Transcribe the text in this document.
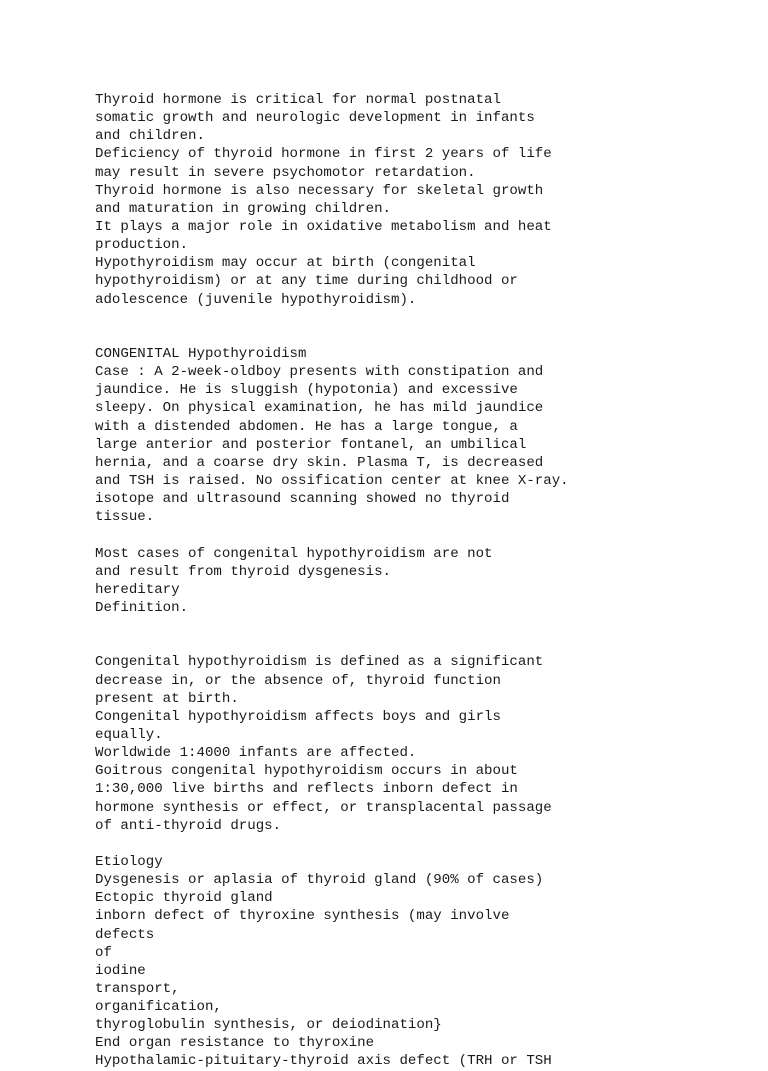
Thyroid hormone is critical for normal postnatal
somatic growth and neurologic development in infants
and children.
Deficiency of thyroid hormone in first 2 years of life
may result in severe psychomotor retardation.
Thyroid hormone is also necessary for skeletal growth
and maturation in growing children.
It plays a major role in oxidative metabolism and heat
production.
Hypothyroidism may occur at birth (congenital
hypothyroidism) or at any time during childhood or
adolescence (juvenile hypothyroidism).
CONGENITAL Hypothyroidism
Case : A 2-week-oldboy presents with constipation and
jaundice. He is sluggish (hypotonia) and excessive
sleepy. On physical examination, he has mild jaundice
with a distended abdomen. He has a large tongue, a
large anterior and posterior fontanel, an umbilical
hernia, and a coarse dry skin. Plasma T, is decreased
and TSH is raised. No ossification center at knee X-ray.
isotope and ultrasound scanning showed no thyroid
tissue.
Most cases of congenital hypothyroidism are not
and result from thyroid dysgenesis.
hereditary
Definition.
Congenital hypothyroidism is defined as a significant
decrease in, or the absence of, thyroid function
present at birth.
Congenital hypothyroidism affects boys and girls
equally.
Worldwide 1:4000 infants are affected.
Goitrous congenital hypothyroidism occurs in about
1:30,000 live births and reflects inborn defect in
hormone synthesis or effect, or transplacental passage
of anti-thyroid drugs.
Etiology
Dysgenesis or aplasia of thyroid gland (90% of cases)
Ectopic thyroid gland
inborn defect of thyroxine synthesis (may involve
defects
of
iodine
transport,
organification,
thyroglobulin synthesis, or deiodination}
End organ resistance to thyroxine
Hypothalamic-pituitary-thyroid axis defect (TRH or TSH
